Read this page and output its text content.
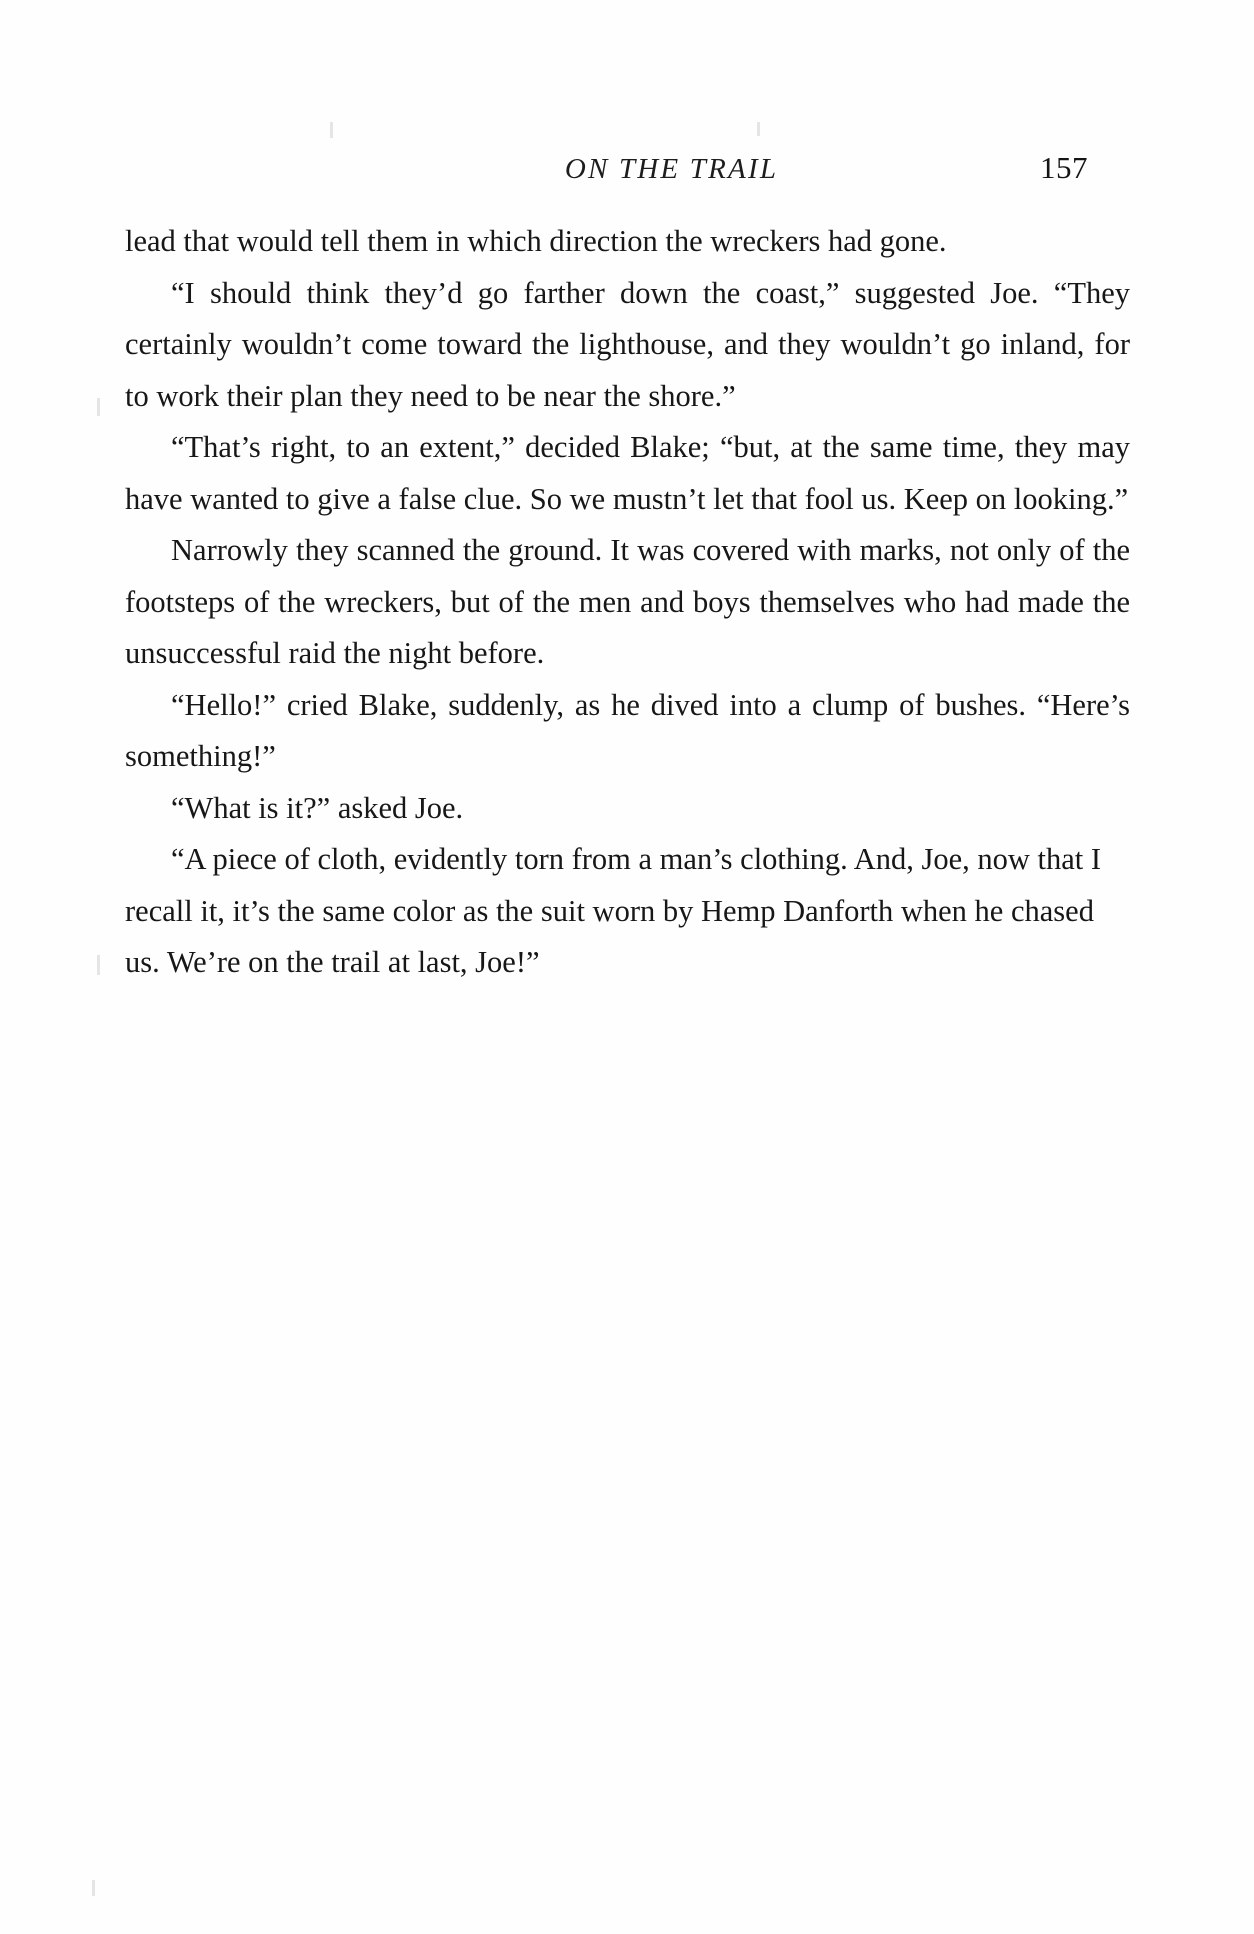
ON THE TRAIL	157

lead that would tell them in which direction the wreckers had gone.

“I should think they’d go farther down the coast,” suggested Joe. “They certainly wouldn’t come toward the lighthouse, and they wouldn’t go inland, for to work their plan they need to be near the shore.”

“That’s right, to an extent,” decided Blake; “but, at the same time, they may have wanted to give a false clue. So we mustn’t let that fool us. Keep on looking.”

Narrowly they scanned the ground. It was covered with marks, not only of the footsteps of the wreckers, but of the men and boys themselves who had made the unsuccessful raid the night before.

“Hello!” cried Blake, suddenly, as he dived into a clump of bushes. “Here’s something!”

“What is it?” asked Joe.

“A piece of cloth, evidently torn from a man’s clothing. And, Joe, now that I recall it, it’s the same color as the suit worn by Hemp Danforth when he chased us. We’re on the trail at last, Joe!”
